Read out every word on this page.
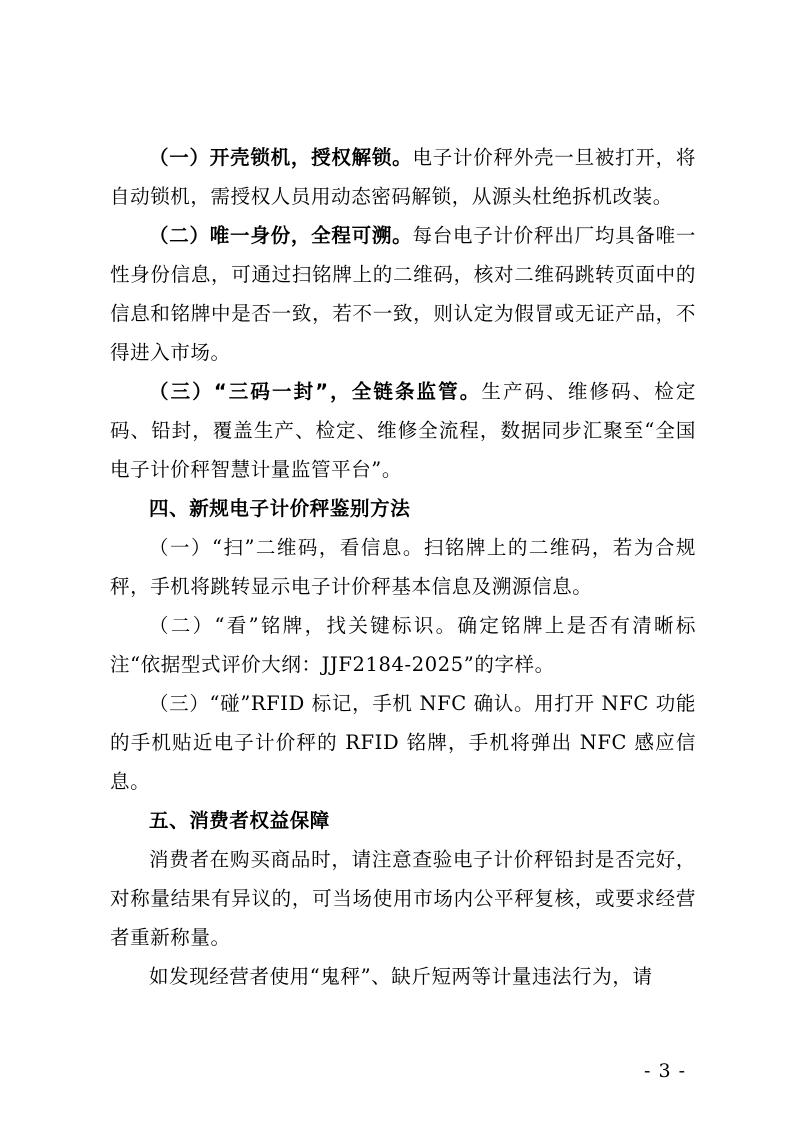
（一）开壳锁机，授权解锁。电子计价秤外壳一旦被打开，将自动锁机，需授权人员用动态密码解锁，从源头杜绝拆机改装。

（二）唯一身份，全程可溯。每台电子计价秤出厂均具备唯一性身份信息，可通过扫铭牌上的二维码，核对二维码跳转页面中的信息和铭牌中是否一致，若不一致，则认定为假冒或无证产品，不得进入市场。

（三）“三码一封”，全链条监管。生产码、维修码、检定码、铅封，覆盖生产、检定、维修全流程，数据同步汇聚至“全国电子计价秤智慧计量监管平台”。

四、新规电子计价秤鉴别方法

（一）“扫”二维码，看信息。扫铭牌上的二维码，若为合规秤，手机将跳转显示电子计价秤基本信息及溯源信息。

（二）“看”铭牌，找关键标识。确定铭牌上是否有清晰标注“依据型式评价大纲：JJF2184-2025”的字样。

（三）“碰”RFID 标记，手机 NFC 确认。用打开 NFC 功能的手机贴近电子计价秤的 RFID 铭牌，手机将弹出 NFC 感应信息。

五、消费者权益保障

消费者在购买商品时，请注意查验电子计价秤铅封是否完好，对称量结果有异议的，可当场使用市场内公平秤复核，或要求经营者重新称量。

如发现经营者使用“鬼秤”、缺斤短两等计量违法行为，请

- 3 -
